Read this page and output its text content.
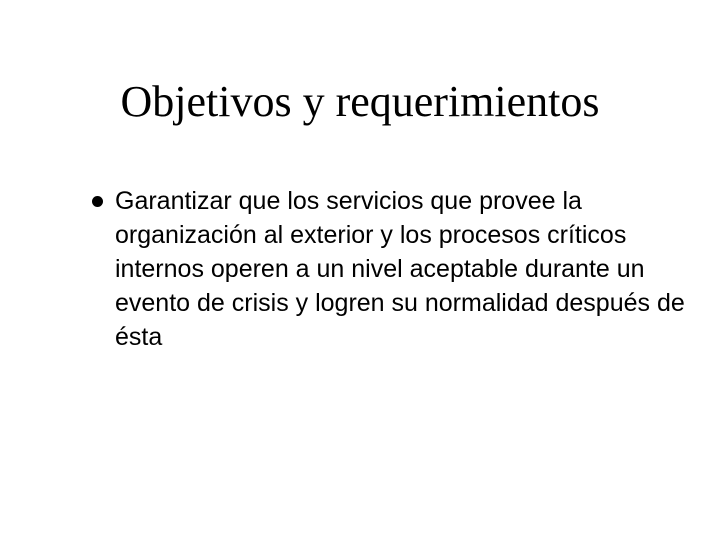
Objetivos y requerimientos
Garantizar que los servicios que provee la organización al exterior y los procesos críticos internos operen a un nivel aceptable durante un evento de crisis y logren su normalidad después de ésta
